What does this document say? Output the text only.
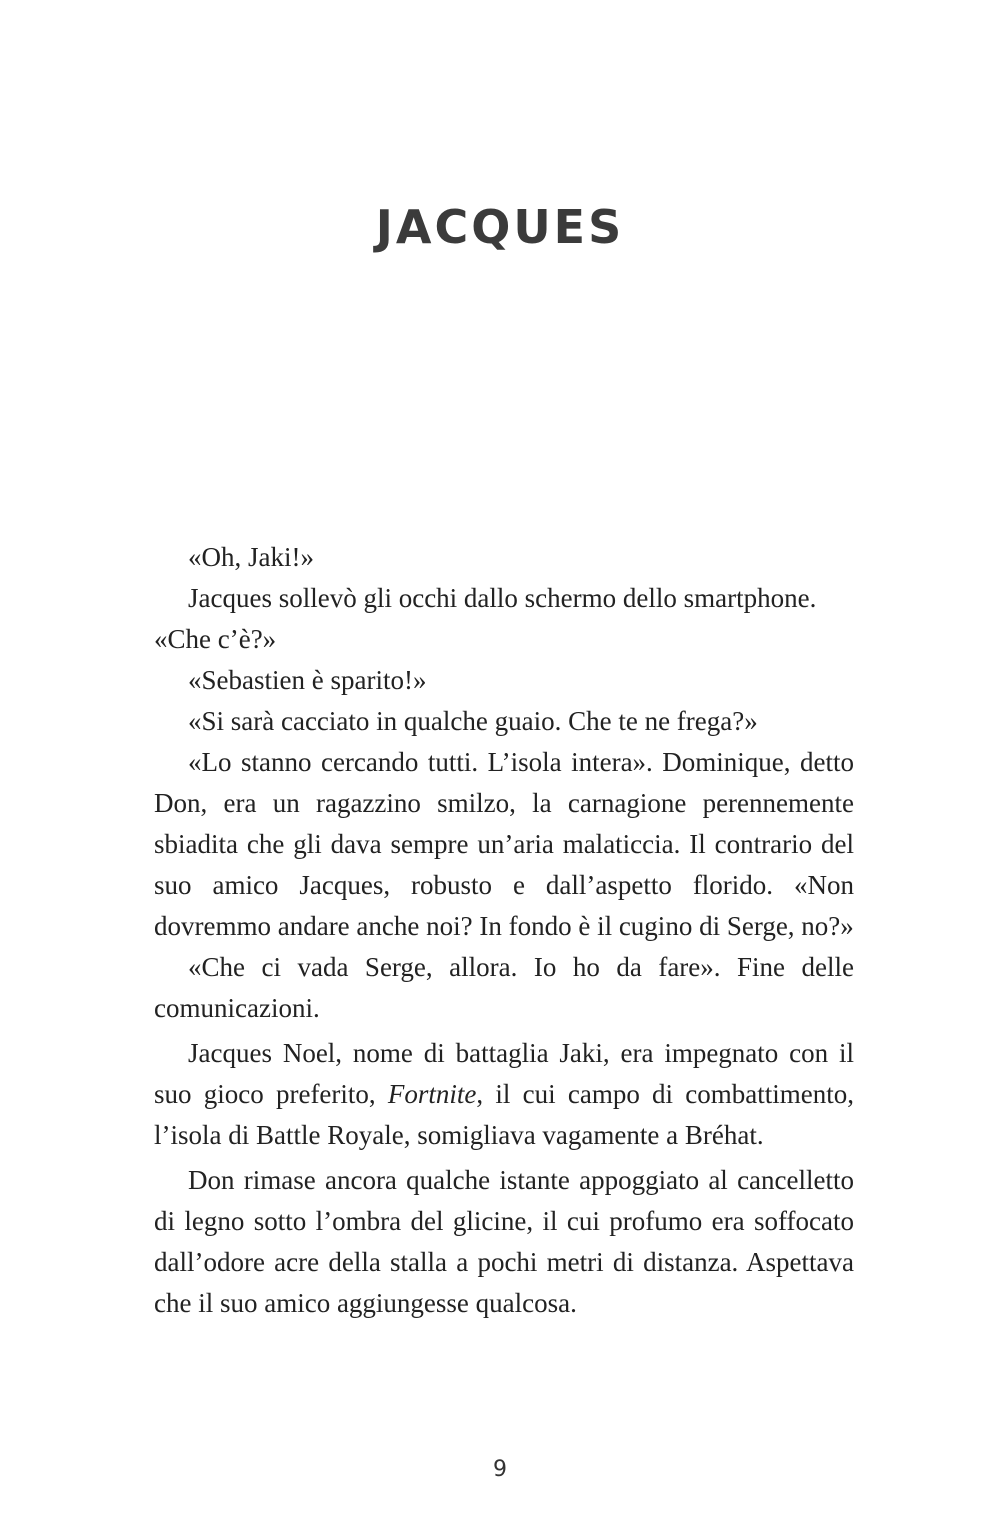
JACQUES

«Oh, Jaki!»

Jacques sollevò gli occhi dallo schermo dello smartphone.

«Che c’è?»

«Sebastien è sparito!»

«Si sarà cacciato in qualche guaio. Che te ne frega?»

«Lo stanno cercando tutti. L’isola intera». Dominique, detto Don, era un ragazzino smilzo, la carnagione perennemente sbiadita che gli dava sempre un’aria malaticcia. Il contrario del suo amico Jacques, robusto e dall’aspetto florido. «Non dovremmo andare anche noi? In fondo è il cugino di Serge, no?»

«Che ci vada Serge, allora. Io ho da fare». Fine delle comunicazioni.

Jacques Noel, nome di battaglia Jaki, era impegnato con il suo gioco preferito, Fortnite, il cui campo di combattimento, l’isola di Battle Royale, somigliava vagamente a Bréhat.

Don rimase ancora qualche istante appoggiato al cancelletto di legno sotto l’ombra del glicine, il cui profumo era soffocato dall’odore acre della stalla a pochi metri di distanza. Aspettava che il suo amico aggiungesse qualcosa.

9
